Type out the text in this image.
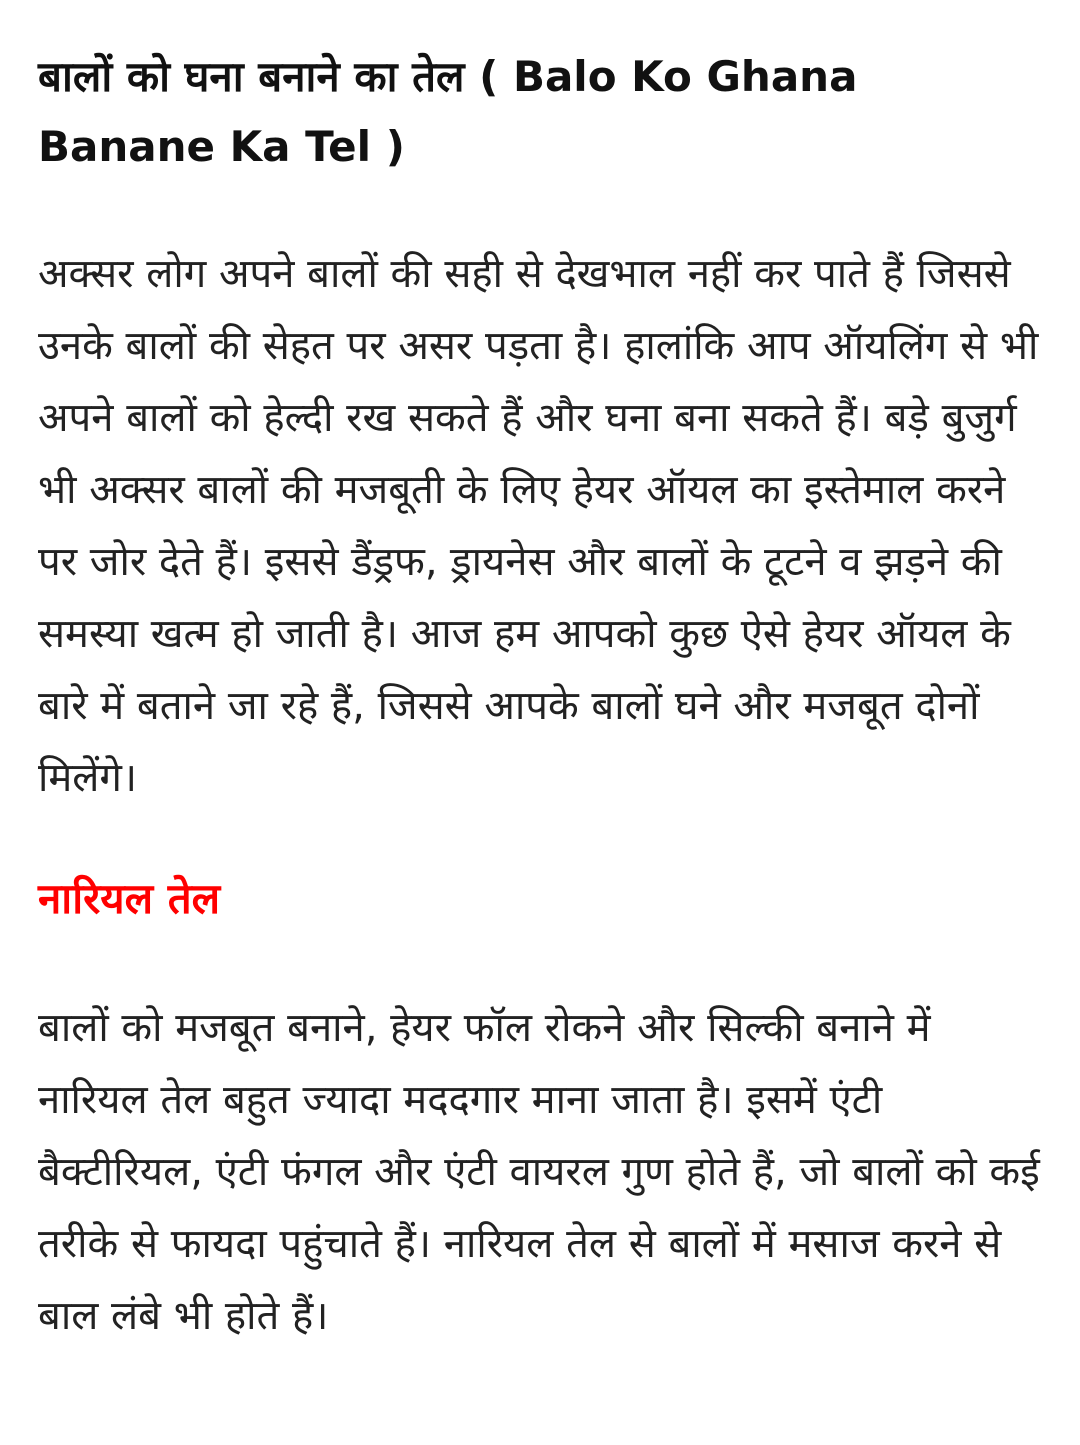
बालों को घना बनाने का तेल ( Balo Ko Ghana Banane Ka Tel )

अक्सर लोग अपने बालों की सही से देखभाल नहीं कर पाते हैं जिससे उनके बालों की सेहत पर असर पड़ता है। हालांकि आप ऑयलिंग से भी अपने बालों को हेल्दी रख सकते हैं और घना बना सकते हैं। बड़े बुजुर्ग भी अक्सर बालों की मजबूती के लिए हेयर ऑयल का इस्तेमाल करने पर जोर देते हैं। इससे डैंड्रफ, ड्रायनेस और बालों के टूटने व झड़ने की समस्या खत्म हो जाती है। आज हम आपको कुछ ऐसे हेयर ऑयल के बारे में बताने जा रहे हैं, जिससे आपके बालों घने और मजबूत दोनों मिलेंगे।

नारियल तेल

बालों को मजबूत बनाने, हेयर फॉल रोकने और सिल्की बनाने में नारियल तेल बहुत ज्यादा मददगार माना जाता है। इसमें एंटी बैक्टीरियल, एंटी फंगल और एंटी वायरल गुण होते हैं, जो बालों को कई तरीके से फायदा पहुंचाते हैं। नारियल तेल से बालों में मसाज करने से बाल लंबे भी होते हैं।
